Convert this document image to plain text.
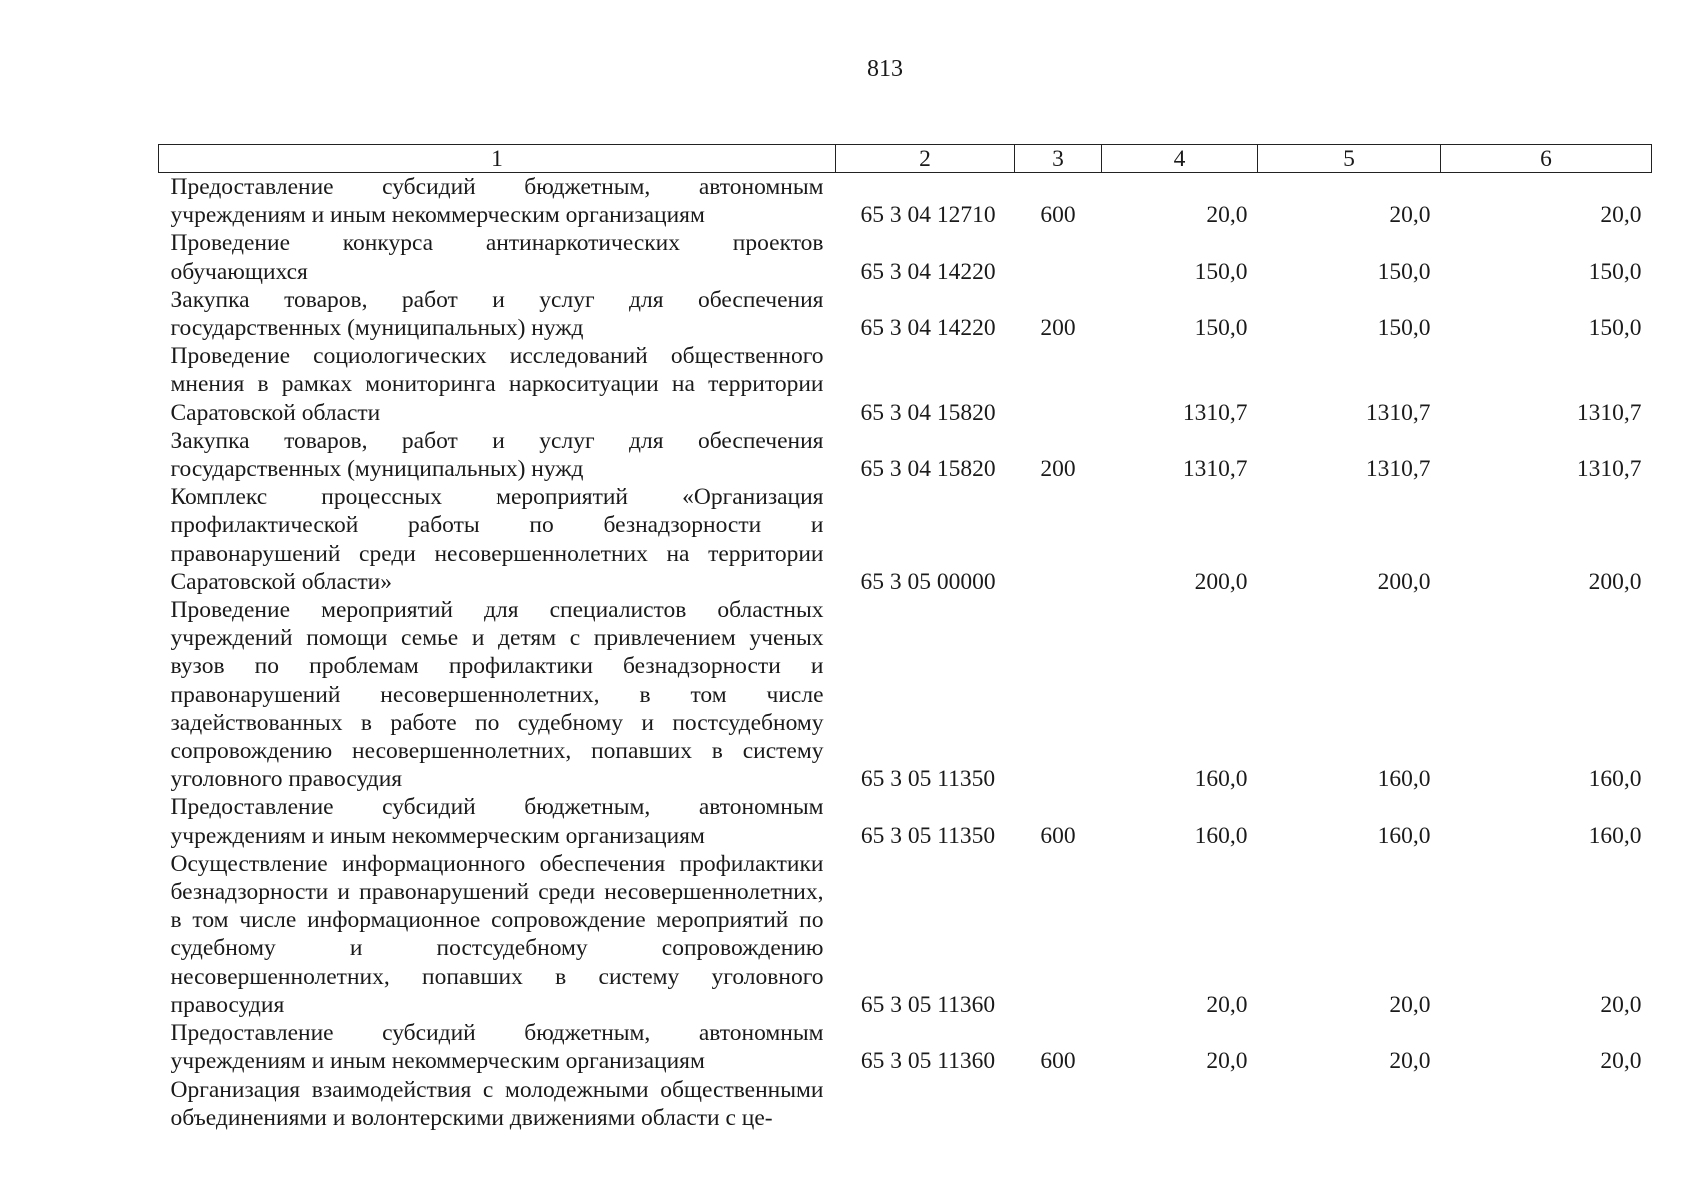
813
1	2	3	4	5	6
Предоставление субсидий бюджетным, автономным учреждениям и иным некоммерческим организациям	65 3 04 12710	600	20,0	20,0	20,0
Проведение конкурса антинаркотических проектов обучающихся	65 3 04 14220		150,0	150,0	150,0
Закупка товаров, работ и услуг для обеспечения государственных (муниципальных) нужд	65 3 04 14220	200	150,0	150,0	150,0
Проведение социологических исследований общественного мнения в рамках мониторинга наркоситуации на территории Саратовской области	65 3 04 15820		1310,7	1310,7	1310,7
Закупка товаров, работ и услуг для обеспечения государственных (муниципальных) нужд	65 3 04 15820	200	1310,7	1310,7	1310,7
Комплекс процессных мероприятий «Организация профилактической работы по безнадзорности и правонарушений среди несовершеннолетних на территории Саратовской области»	65 3 05 00000		200,0	200,0	200,0
Проведение мероприятий для специалистов областных учреждений помощи семье и детям с привлечением ученых вузов по проблемам профилактики безнадзорности и правонарушений несовершеннолетних, в том числе задействованных в работе по судебному и постсудебному сопровождению несовершеннолетних, попавших в систему уголовного правосудия	65 3 05 11350		160,0	160,0	160,0
Предоставление субсидий бюджетным, автономным учреждениям и иным некоммерческим организациям	65 3 05 11350	600	160,0	160,0	160,0
Осуществление информационного обеспечения профилактики безнадзорности и правонарушений среди несовершеннолетних, в том числе информационное сопровождение мероприятий по судебному и постсудебному сопровождению несовершеннолетних, попавших в систему уголовного правосудия	65 3 05 11360		20,0	20,0	20,0
Предоставление субсидий бюджетным, автономным учреждениям и иным некоммерческим организациям	65 3 05 11360	600	20,0	20,0	20,0
Организация взаимодействия с молодежными общественными объединениями и волонтерскими движениями области с це-					
